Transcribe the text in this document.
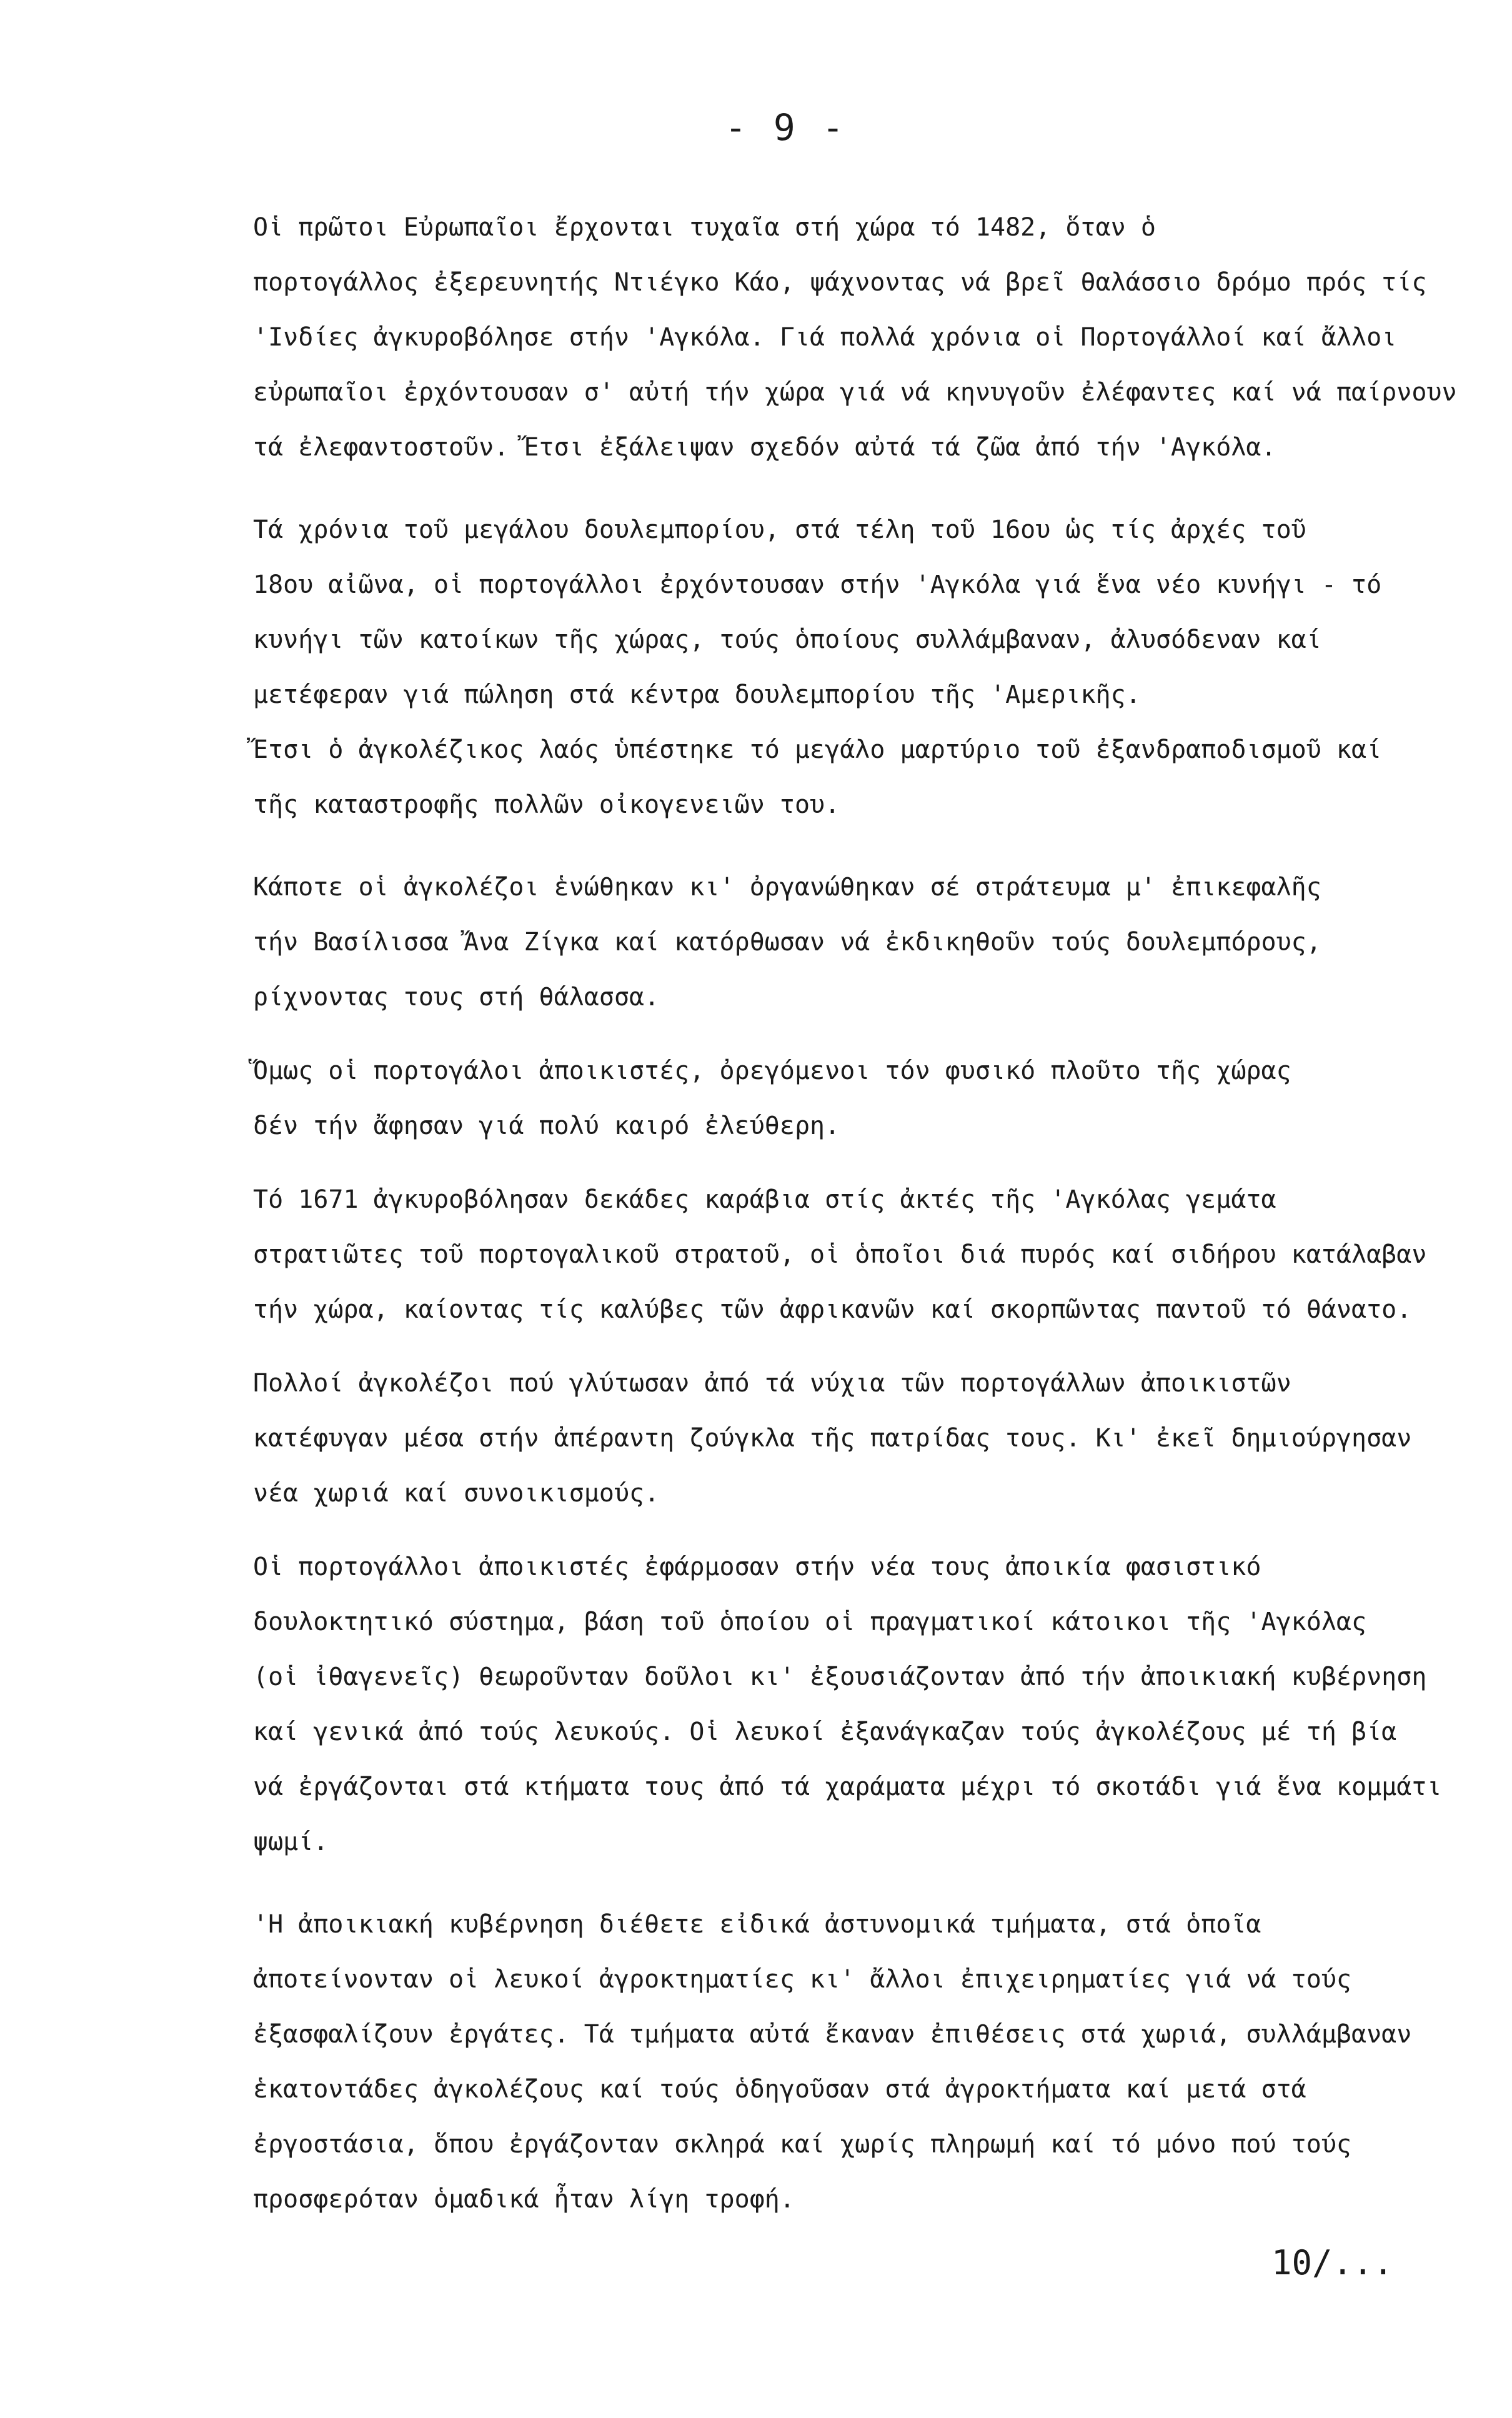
- 9 -
Οἱ πρῶτοι Εὐρωπαῖοι ἔρχονται τυχαῖα στή χώρα τό 1482, ὅταν ὁ
πορτογάλλος ἐξερευνητής Ντιέγκο Κάο, ψάχνοντας νά βρεῖ θαλάσσιο δρόμο πρός τίς
'Ινδίες ἀγκυροβόλησε στήν 'Αγκόλα. Γιά πολλά χρόνια οἱ Πορτογάλλοί καί ἄλλοι
εὐρωπαῖοι ἐρχόντουσαν σ' αὐτή τήν χώρα γιά νά κηνυγοῦν ἐλέφαντες καί νά παίρνουν
τά ἐλεφαντοστοῦν. Ἔτσι ἐξάλειψαν σχεδόν αὐτά τά ζῶα ἀπό τήν 'Αγκόλα.
Τά χρόνια τοῦ μεγάλου δουλεμπορίου, στά τέλη τοῦ 16ου ὡς τίς ἀρχές τοῦ
18ου αἰῶνα, οἱ πορτογάλλοι ἐρχόντουσαν στήν 'Αγκόλα γιά ἕνα νέο κυνήγι - τό
κυνήγι τῶν κατοίκων τῆς χώρας, τούς ὁποίους συλλάμβαναν, ἀλυσόδεναν καί
μετέφεραν γιά πώληση στά κέντρα δουλεμπορίου τῆς 'Αμερικῆς.
Ἔτσι ὁ ἀγκολέζικος λαός ὑπέστηκε τό μεγάλο μαρτύριο τοῦ ἐξανδραποδισμοῦ καί
τῆς καταστροφῆς πολλῶν οἰκογενειῶν του.
Κάποτε οἱ ἀγκολέζοι ἑνώθηκαν κι' ὀργανώθηκαν σέ στράτευμα μ' ἐπικεφαλῆς
τήν Βασίλισσα Ἄνα Ζίγκα καί κατόρθωσαν νά ἐκδικηθοῦν τούς δουλεμπόρους,
ρίχνοντας τους στή θάλασσα.
Ὅμως οἱ πορτογάλοι ἀποικιστές, ὀρεγόμενοι τόν φυσικό πλοῦτο τῆς χώρας
δέν τήν ἄφησαν γιά πολύ καιρό ἐλεύθερη.
Τό 1671 ἀγκυροβόλησαν δεκάδες καράβια στίς ἀκτές τῆς 'Αγκόλας γεμάτα
στρατιῶτες τοῦ πορτογαλικοῦ στρατοῦ, οἱ ὁποῖοι διά πυρός καί σιδήρου κατάλαβαν
τήν χώρα, καίοντας τίς καλύβες τῶν ἀφρικανῶν καί σκορπῶντας παντοῦ τό θάνατο.
Πολλοί ἀγκολέζοι πού γλύτωσαν ἀπό τά νύχια τῶν πορτογάλλων ἀποικιστῶν
κατέφυγαν μέσα στήν ἀπέραντη ζούγκλα τῆς πατρίδας τους. Κι' ἐκεῖ δημιούργησαν
νέα χωριά καί συνοικισμούς.
Οἱ πορτογάλλοι ἀποικιστές ἐφάρμοσαν στήν νέα τους ἀποικία φασιστικό
δουλοκτητικό σύστημα, βάση τοῦ ὁποίου οἱ πραγματικοί κάτοικοι τῆς 'Αγκόλας
(οἱ ἰθαγενεῖς) θεωροῦνταν δοῦλοι κι' ἐξουσιάζονταν ἀπό τήν ἀποικιακή κυβέρνηση
καί γενικά ἀπό τούς λευκούς. Οἱ λευκοί ἐξανάγκαζαν τούς ἀγκολέζους μέ τή βία
νά ἐργάζονται στά κτήματα τους ἀπό τά χαράματα μέχρι τό σκοτάδι γιά ἕνα κομμάτι
ψωμί.
'Η ἀποικιακή κυβέρνηση διέθετε εἰδικά ἀστυνομικά τμήματα, στά ὁποῖα
ἀποτείνονταν οἱ λευκοί ἀγροκτηματίες κι' ἄλλοι ἐπιχειρηματίες γιά νά τούς
ἐξασφαλίζουν ἐργάτες. Τά τμήματα αὐτά ἔκαναν ἐπιθέσεις στά χωριά, συλλάμβαναν
ἑκατοντάδες ἀγκολέζους καί τούς ὁδηγοῦσαν στά ἀγροκτήματα καί μετά στά
ἐργοστάσια, ὅπου ἐργάζονταν σκληρά καί χωρίς πληρωμή καί τό μόνο πού τούς
προσφερόταν ὁμαδικά ἦταν λίγη τροφή.
10/...
